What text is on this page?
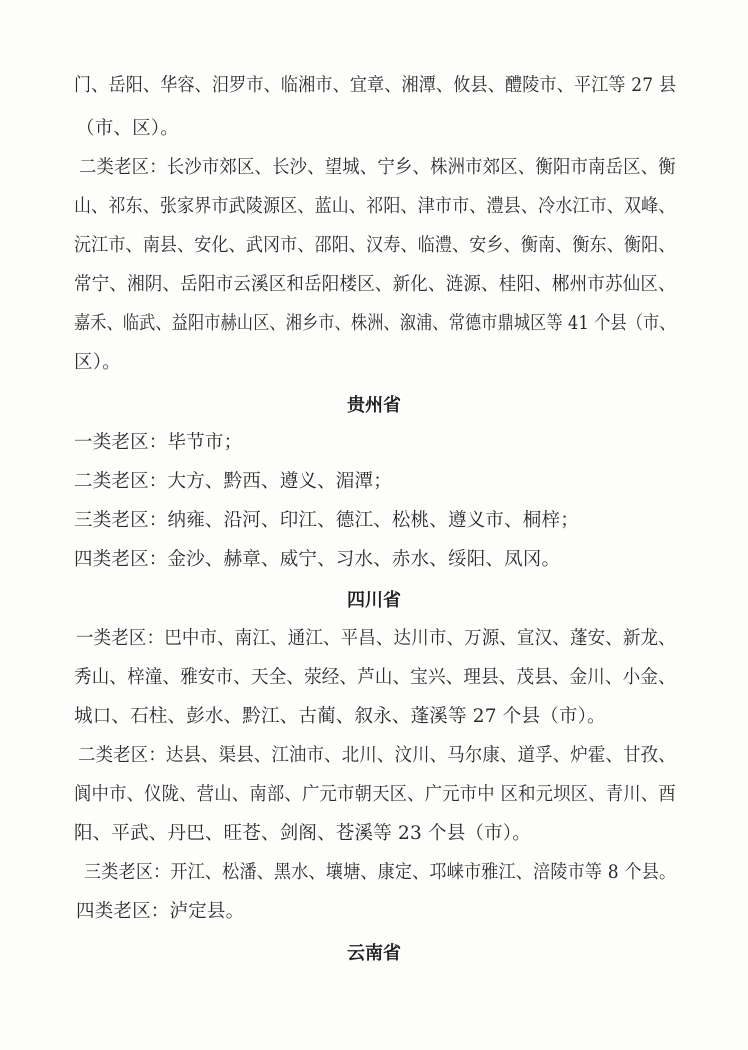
门、岳阳、华容、汨罗市、临湘市、宜章、湘潭、攸县、醴陵市、平江等 27 县
（市、区）。
二类老区：长沙市郊区、长沙、望城、宁乡、株洲市郊区、衡阳市南岳区、衡
山、祁东、张家界市武陵源区、蓝山、祁阳、津市市、澧县、冷水江市、双峰、
沅江市、南县、安化、武冈市、邵阳、汉寿、临澧、安乡、衡南、衡东、衡阳、
常宁、湘阴、岳阳市云溪区和岳阳楼区、新化、涟源、桂阳、郴州市苏仙区、
嘉禾、临武、益阳市赫山区、湘乡市、株洲、溆浦、常德市鼎城区等 41 个县（市、
区）。
贵州省
一类老区：毕节市；
二类老区：大方、黔西、遵义、湄潭；
三类老区：纳雍、沿河、印江、德江、松桃、遵义市、桐梓；
四类老区：金沙、赫章、威宁、习水、赤水、绥阳、凤冈。
四川省
一类老区：巴中市、南江、通江、平昌、达川市、万源、宣汉、蓬安、新龙、
秀山、梓潼、雅安市、天全、荥经、芦山、宝兴、理县、茂县、金川、小金、
城口、石柱、彭水、黔江、古蔺、叙永、蓬溪等 27 个县（市）。
二类老区：达县、渠县、江油市、北川、汶川、马尔康、道孚、炉霍、甘孜、
阆中市、仪陇、营山、南部、广元市朝天区、广元市中 区和元坝区、青川、酉
阳、平武、丹巴、旺苍、剑阁、苍溪等 23 个县（市）。
三类老区：开江、松潘、黑水、壤塘、康定、邛崃市雅江、涪陵市等 8 个县。
四类老区：泸定县。
云南省
